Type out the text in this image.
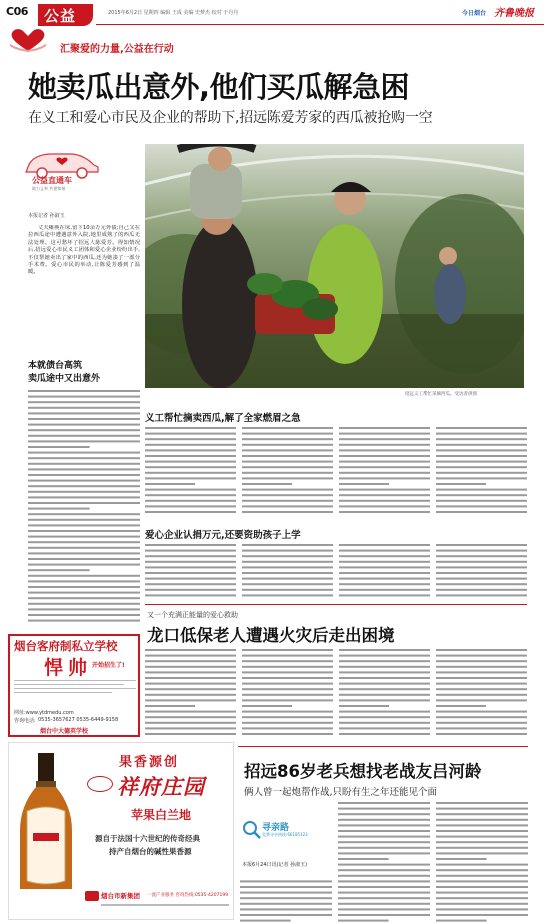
C06 公益	2015年6月2日 星期四 编辑 王成 美编 史梦杰 校对 于丹丹	今日烟台 齐鲁晚报
汇聚爱的力量,公益在行动
她卖瓜出意外,他们买瓜解急困
在义工和爱心市民及企业的帮助下,招远陈爱芳家的西瓜被抢购一空
公益直通车
助力义举 共建和谐
本报记者 孙淑玉
丈夫瘫痪在床,留下10余万元外债;自己又在拉西瓜途中遭遇意外入院,地里成熟了的西瓜无法处理。这可愁坏了招远人陈爱芳。得知情况后,招远爱心市民义工团体和爱心企业纷纷出手,不仅帮她卖出了家中的西瓜,还为她凑了一部分手术费。爱心市民的举动,让陈爱芳感到了温暖。
招远义工帮忙采摘西瓜。受访者供图
本就债台高筑
卖瓜途中又出意外
义工帮忙摘卖西瓜,解了全家燃眉之急
爱心企业认捐万元,还要资助孩子上学
又一个充满正能量的爱心救助
龙口低保老人遭遇火灾后走出困境
烟台客府制私立学校
悍 帅 开始招生了!
网址:www.ytdmedu.com
咨询电话: 0535-3657627 0535-6449-9158
烟台中大德英学校
果香源创
祥府庄园
苹果白兰地
源自于法国十六世纪的传奇经典
持产自烟台的碱性果香源
烟台市新集团 一流产业服务 咨询热线:0535-4207199
招远86岁老兵想找老战友吕河龄
俩人曾一起炮帮作战,只盼有生之年还能见个面
寻亲路
免费寻亲热线:66185123
本报6月24日讯(记者 孙淑玉)
